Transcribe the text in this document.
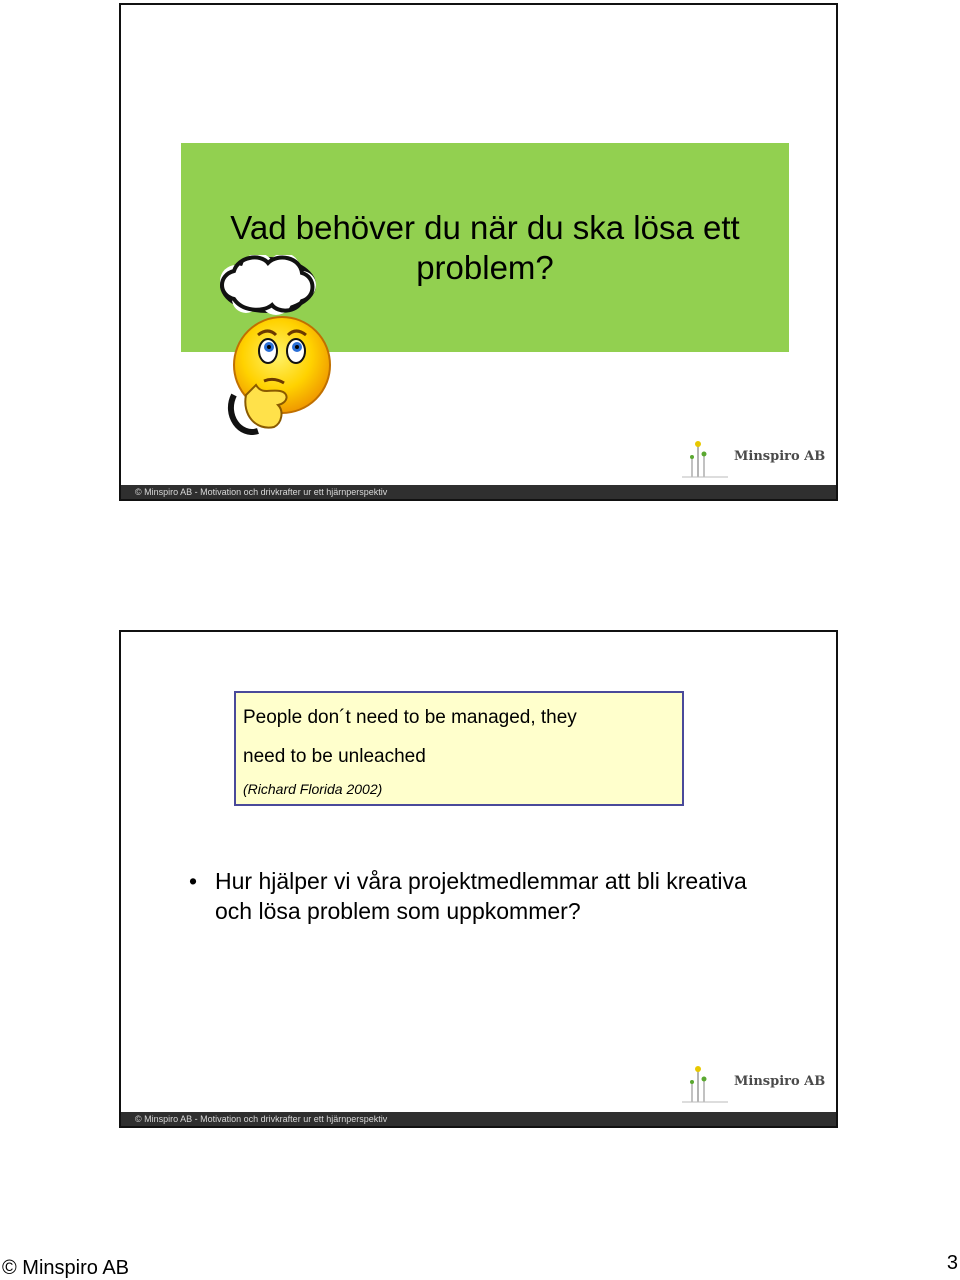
Vad behöver du när du ska lösa ett problem?
Minspiro AB
© Minspiro AB - Motivation och drivkrafter ur ett hjärnperspektiv
People don´t need to be managed, they
need to be unleached
(Richard Florida 2002)
• Hur hjälper vi våra projektmedlemmar att bli kreativa och lösa problem som uppkommer?
Minspiro AB
© Minspiro AB - Motivation och drivkrafter ur ett hjärnperspektiv
© Minspiro AB	3
